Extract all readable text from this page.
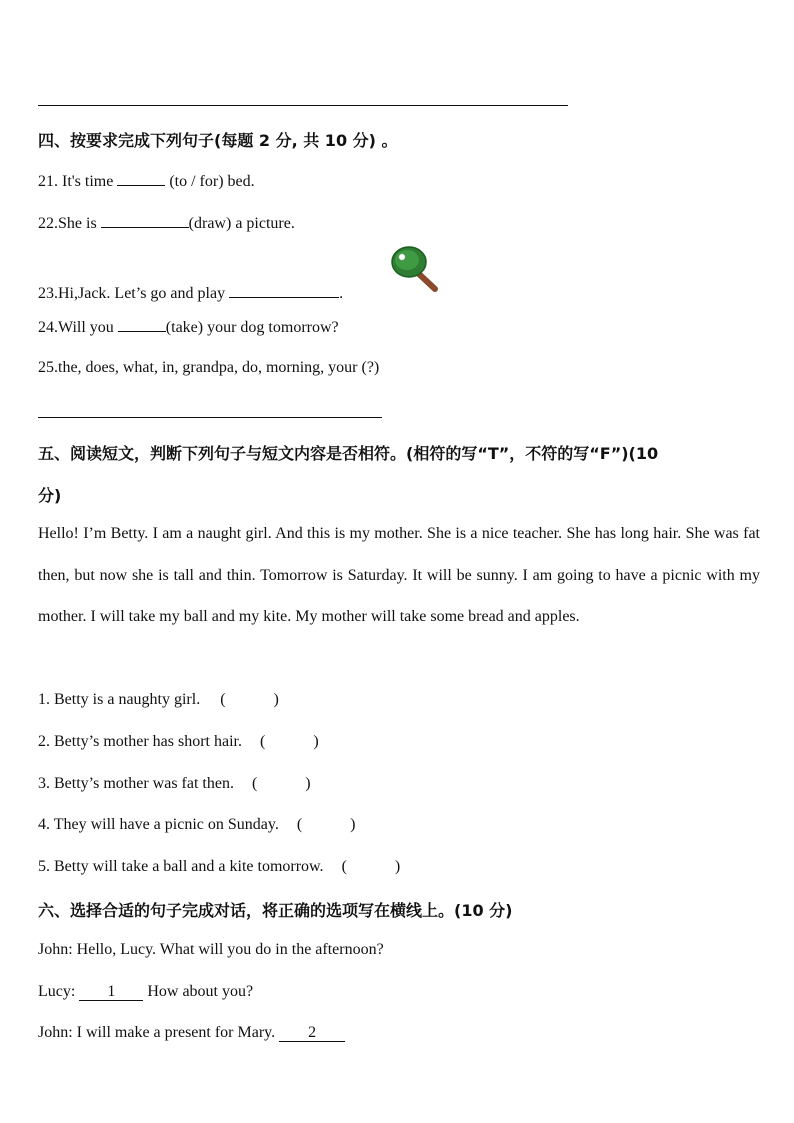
四、按要求完成下列句子(每题 2 分, 共 10 分) 。
21. It's time	(to / for) bed.
22.She is	(draw) a picture.
23.Hi,Jack. Let’s go and play	.
24.Will you	(take) your dog tomorrow?
25.the, does, what, in, grandpa, do, morning, your (?)
五、阅读短文，判断下列句子与短文内容是否相符。(相符的写“T”，不符的写“F”)(10
分)
Hello! I’m Betty. I am a naught girl. And this is my mother. She is a nice teacher. She has long hair. She was fat then, but now she is tall and thin. Tomorrow is Saturday. It will be sunny. I am going to have a picnic with my mother. I will take my ball and my kite. My mother will take some bread and apples.
1. Betty is a naughty girl. (	)
2. Betty’s mother has short hair. (	)
3. Betty’s mother was fat then. (	)
4. They will have a picnic on Sunday. (	)
5. Betty will take a ball and a kite tomorrow. (	)
六、选择合适的句子完成对话，将正确的选项写在横线上。(10 分)
John: Hello, Lucy. What will you do in the afternoon?
Lucy: 1 How about you?
John: I will make a present for Mary. 2
